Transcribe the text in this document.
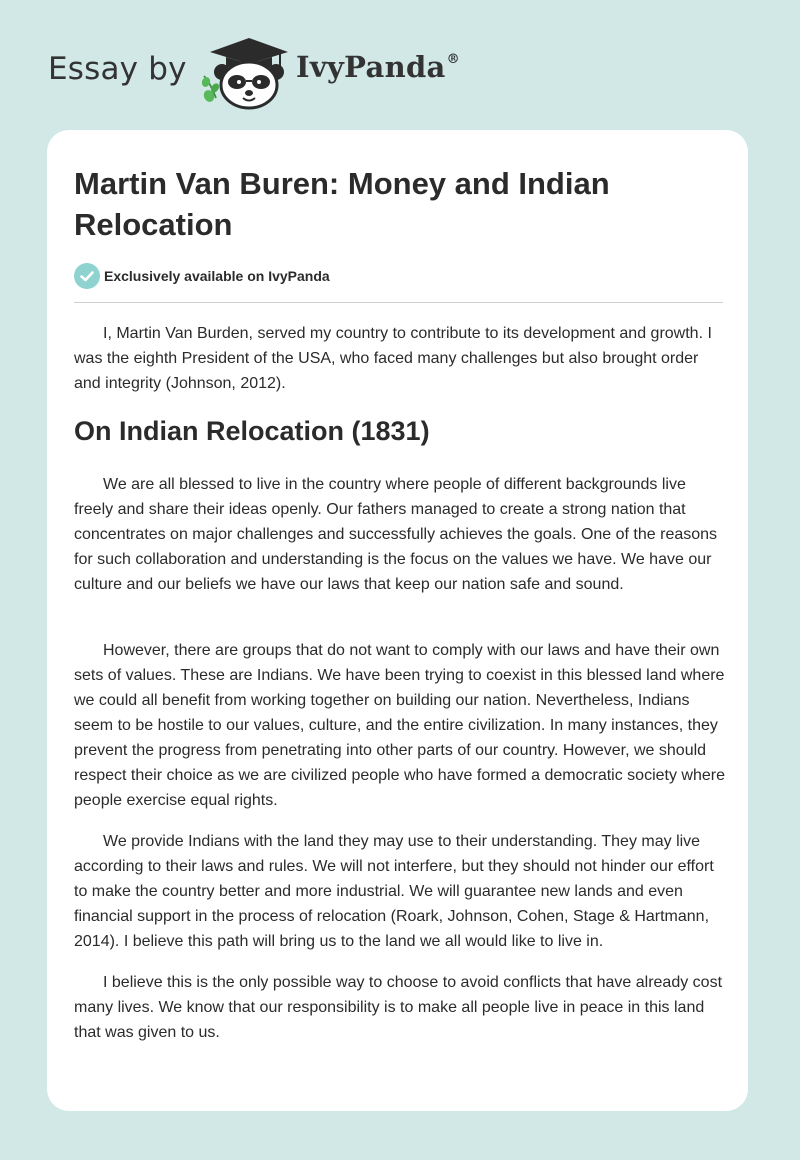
Essay by	IvyPanda®
Martin Van Buren: Money and Indian Relocation
Exclusively available on IvyPanda

I, Martin Van Burden, served my country to contribute to its development and growth. I was the eighth President of the USA, who faced many challenges but also brought order and integrity (Johnson, 2012).

On Indian Relocation (1831)

We are all blessed to live in the country where people of different backgrounds live freely and share their ideas openly. Our fathers managed to create a strong nation that concentrates on major challenges and successfully achieves the goals. One of the reasons for such collaboration and understanding is the focus on the values we have. We have our culture and our beliefs we have our laws that keep our nation safe and sound.

However, there are groups that do not want to comply with our laws and have their own sets of values. These are Indians. We have been trying to coexist in this blessed land where we could all benefit from working together on building our nation. Nevertheless, Indians seem to be hostile to our values, culture, and the entire civilization. In many instances, they prevent the progress from penetrating into other parts of our country. However, we should respect their choice as we are civilized people who have formed a democratic society where people exercise equal rights.

We provide Indians with the land they may use to their understanding. They may live according to their laws and rules. We will not interfere, but they should not hinder our effort to make the country better and more industrial. We will guarantee new lands and even financial support in the process of relocation (Roark, Johnson, Cohen, Stage & Hartmann, 2014). I believe this path will bring us to the land we all would like to live in.

I believe this is the only possible way to choose to avoid conflicts that have already cost many lives. We know that our responsibility is to make all people live in peace in this land that was given to us.
